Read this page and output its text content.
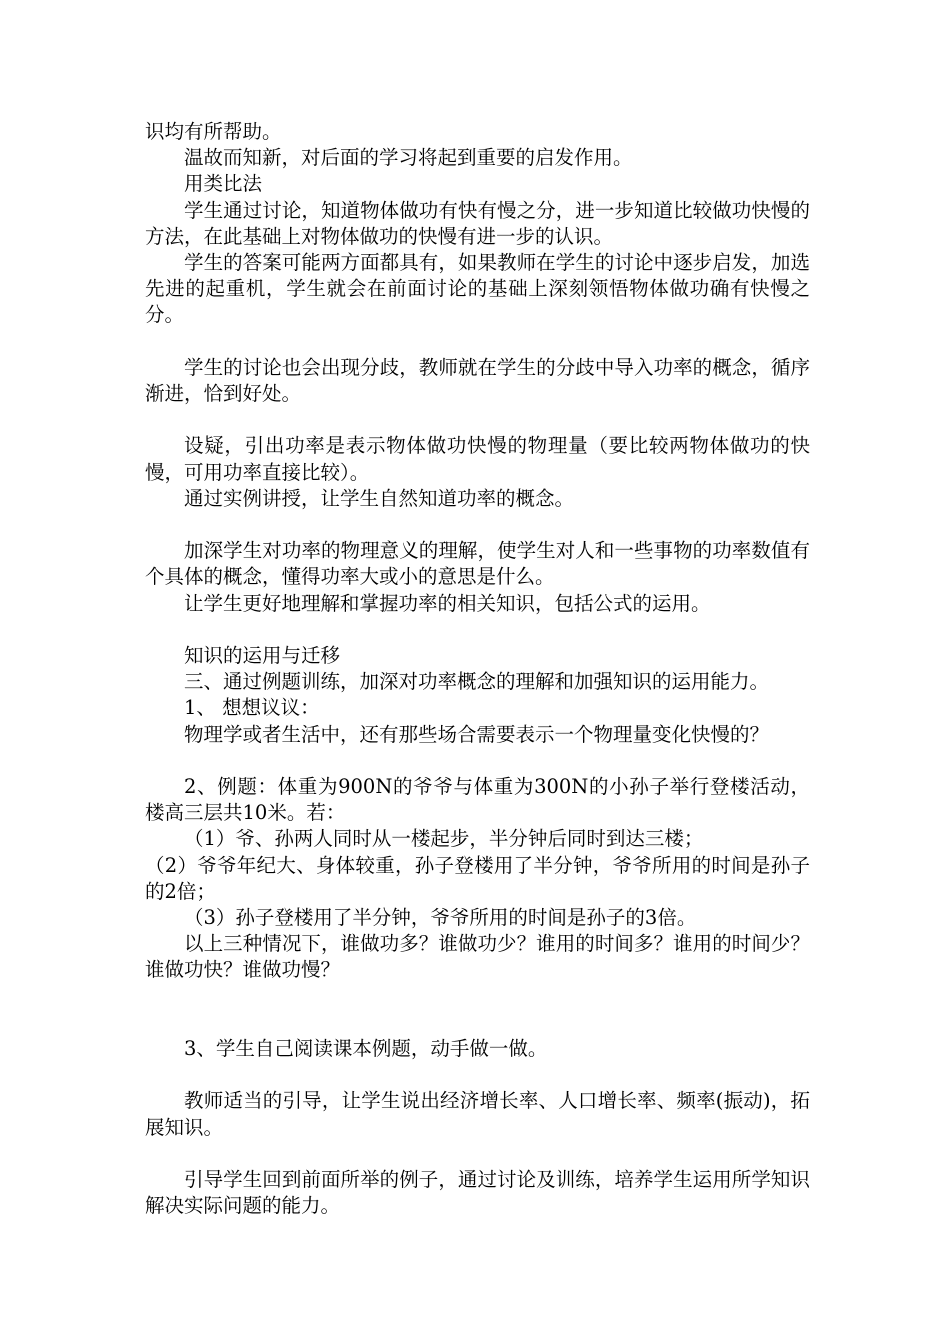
识均有所帮助。

温故而知新，对后面的学习将起到重要的启发作用。

用类比法

学生通过讨论，知道物体做功有快有慢之分，进一步知道比较做功快慢的方法，在此基础上对物体做功的快慢有进一步的认识。

学生的答案可能两方面都具有，如果教师在学生的讨论中逐步启发，加选先进的起重机，学生就会在前面讨论的基础上深刻领悟物体做功确有快慢之分。

学生的讨论也会出现分歧，教师就在学生的分歧中导入功率的概念，循序渐进，恰到好处。

设疑，引出功率是表示物体做功快慢的物理量（要比较两物体做功的快慢，可用功率直接比较）。

通过实例讲授，让学生自然知道功率的概念。

加深学生对功率的物理意义的理解，使学生对人和一些事物的功率数值有个具体的概念，懂得功率大或小的意思是什么。

让学生更好地理解和掌握功率的相关知识，包括公式的运用。

知识的运用与迁移

三、通过例题训练，加深对功率概念的理解和加强知识的运用能力。

1、 想想议议：

物理学或者生活中，还有那些场合需要表示一个物理量变化快慢的？

2、例题：体重为900N的爷爷与体重为300N的小孙子举行登楼活动，楼高三层共10米。若：

（1）爷、孙两人同时从一楼起步，半分钟后同时到达三楼；

（2）爷爷年纪大、身体较重，孙子登楼用了半分钟，爷爷所用的时间是孙子的2倍；

（3）孙子登楼用了半分钟，爷爷所用的时间是孙子的3倍。

以上三种情况下，谁做功多？谁做功少？谁用的时间多？谁用的时间少？谁做功快？谁做功慢？

3、学生自己阅读课本例题，动手做一做。

教师适当的引导，让学生说出经济增长率、人口增长率、频率(振动)，拓展知识。

引导学生回到前面所举的例子，通过讨论及训练，培养学生运用所学知识解决实际问题的能力。
